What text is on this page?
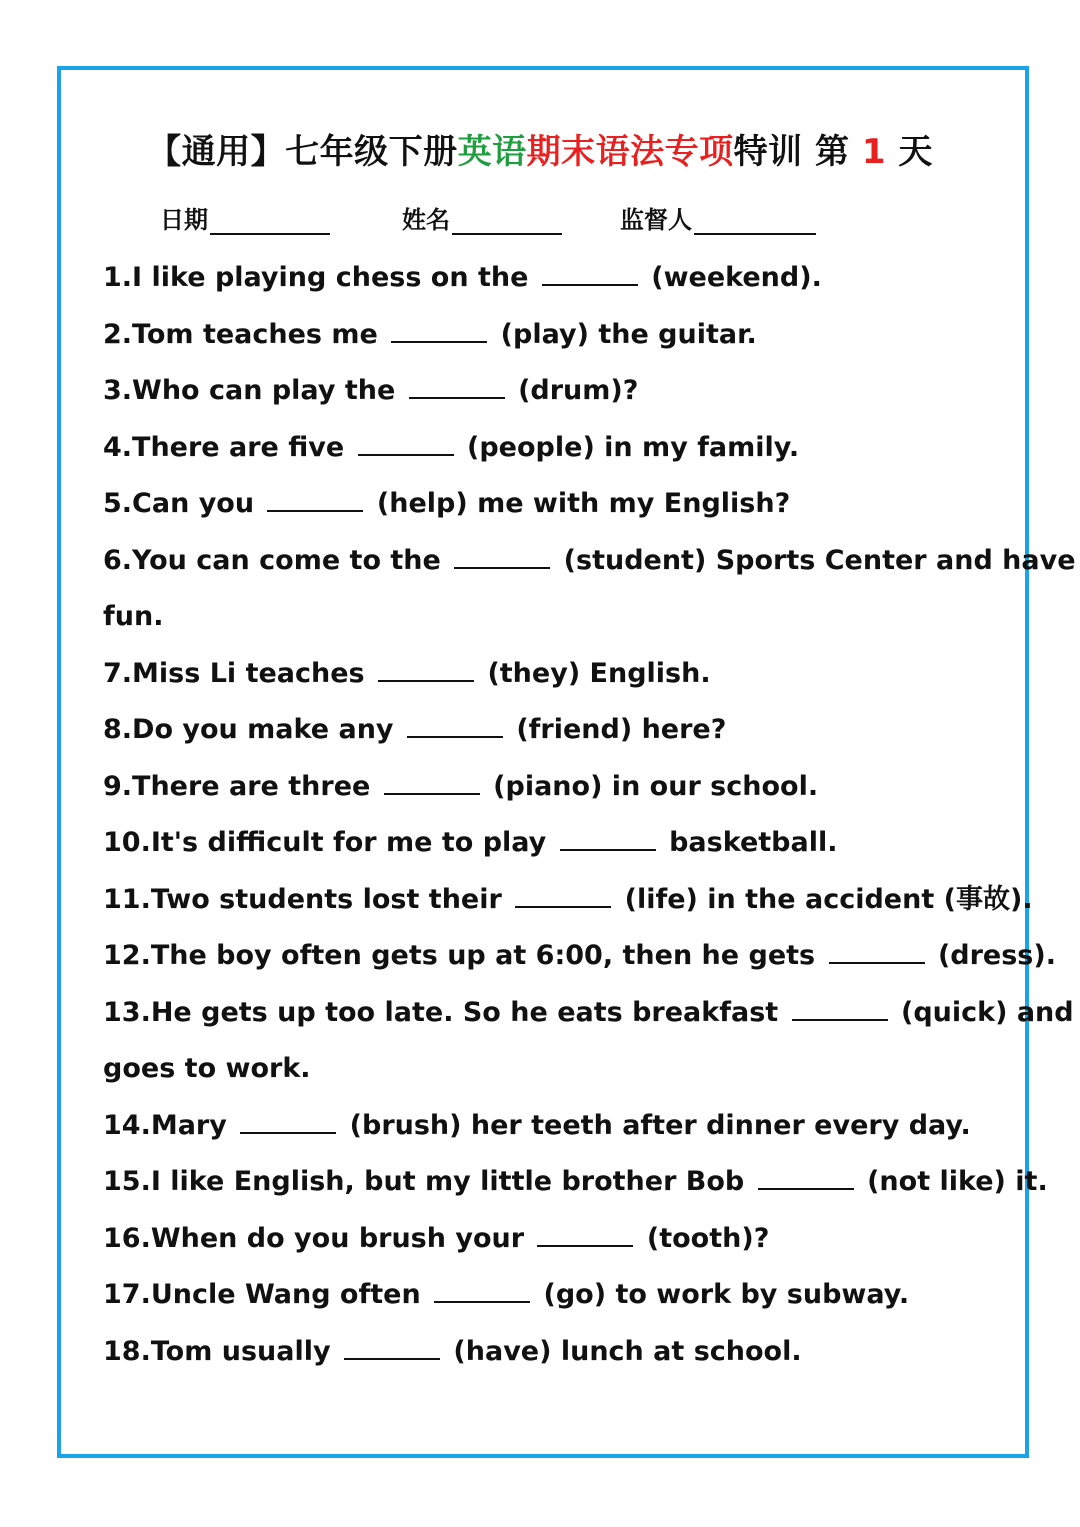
【通用】七年级下册英语期末语法专项特训 第 1 天
日期	姓名	监督人
1.I like playing chess on the	(weekend).
2.Tom teaches me	(play) the guitar.
3.Who can play the	(drum)?
4.There are five	(people) in my family.
5.Can you	(help) me with my English?
6.You can come to the	(student) Sports Center and have
fun.
7.Miss Li teaches	(they) English.
8.Do you make any	(friend) here?
9.There are three	(piano) in our school.
10.It's difficult for me to play	basketball.
11.Two students lost their	(life) in the accident (事故).
12.The boy often gets up at 6:00, then he gets	(dress).
13.He gets up too late. So he eats breakfast	(quick) and
goes to work.
14.Mary	(brush) her teeth after dinner every day.
15.I like English, but my little brother Bob	(not like) it.
16.When do you brush your	(tooth)?
17.Uncle Wang often	(go) to work by subway.
18.Tom usually	(have) lunch at school.
